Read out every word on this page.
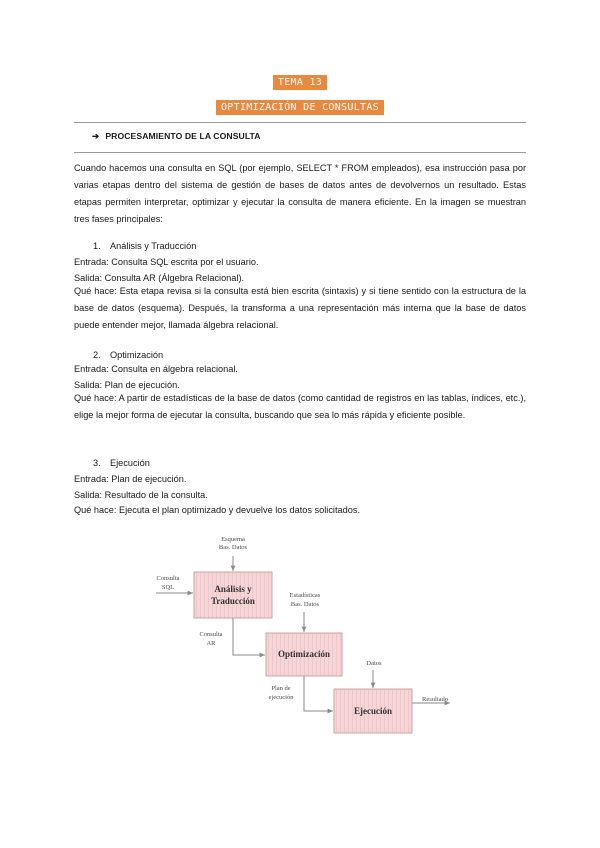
TEMA 13
OPTIMIZACIÓN DE CONSULTAS
➔ PROCESAMIENTO DE LA CONSULTA

Cuando hacemos una consulta en SQL (por ejemplo, SELECT * FROM empleados), esa instrucción pasa por varias etapas dentro del sistema de gestión de bases de datos antes de devolvernos un resultado. Estas etapas permiten interpretar, optimizar y ejecutar la consulta de manera eficiente. En la imagen se muestran tres fases principales:

1. Análisis y Traducción
Entrada: Consulta SQL escrita por el usuario.
Salida: Consulta AR (Álgebra Relacional).

Qué hace: Esta etapa revisa si la consulta está bien escrita (sintaxis) y si tiene sentido con la estructura de la base de datos (esquema). Después, la transforma a una representación más interna que la base de datos puede entender mejor, llamada álgebra relacional.

2. Optimización
Entrada: Consulta en álgebra relacional.
Salida: Plan de ejecución.

Qué hace: A partir de estadísticas de la base de datos (como cantidad de registros en las tablas, índices, etc.), elige la mejor forma de ejecutar la consulta, buscando que sea lo más rápida y eficiente posible.

3. Ejecución
Entrada: Plan de ejecución.
Salida: Resultado de la consulta.
Qué hace: Ejecuta el plan optimizado y devuelve los datos solicitados.
Análisis y
Traducción
Optimización
Ejecución
Esquema
Bas. Datos
Consulta
SQL
Consulta
AR
Estadísticas
Bas. Datos
Plan de
ejecución
Datos
Resultado
